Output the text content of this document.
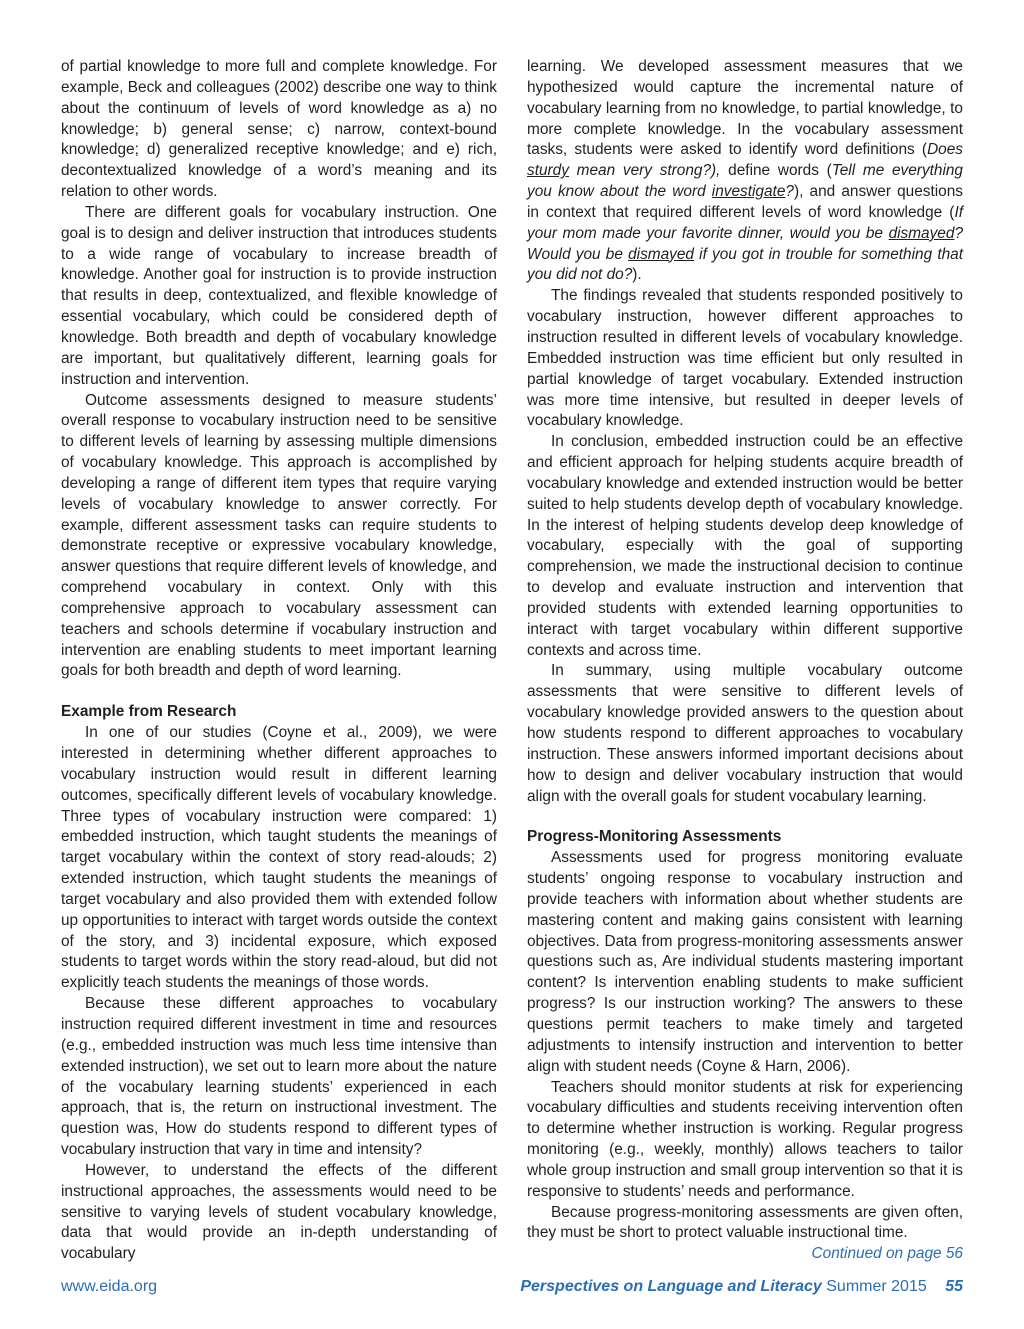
of partial knowledge to more full and complete knowledge. For example, Beck and colleagues (2002) describe one way to think about the continuum of levels of word knowledge as a) no knowledge; b) general sense; c) narrow, context-bound knowledge; d) generalized receptive knowledge; and e) rich, decontextualized knowledge of a word’s meaning and its relation to other words.

There are different goals for vocabulary instruction. One goal is to design and deliver instruction that introduces students to a wide range of vocabulary to increase breadth of knowledge. Another goal for instruction is to provide instruction that results in deep, contextualized, and flexible knowledge of essential vocabulary, which could be considered depth of knowledge. Both breadth and depth of vocabulary knowledge are important, but qualitatively different, learning goals for instruction and intervention.

Outcome assessments designed to measure students’ overall response to vocabulary instruction need to be sensitive to different levels of learning by assessing multiple dimensions of vocabulary knowledge. This approach is accomplished by developing a range of different item types that require varying levels of vocabulary knowledge to answer correctly. For example, different assessment tasks can require students to demonstrate receptive or expressive vocabulary knowledge, answer questions that require different levels of knowledge, and comprehend vocabulary in context. Only with this comprehensive approach to vocabulary assessment can teachers and schools determine if vocabulary instruction and intervention are enabling students to meet important learning goals for both breadth and depth of word learning.

Example from Research

In one of our studies (Coyne et al., 2009), we were interested in determining whether different approaches to vocabulary instruction would result in different learning outcomes, specifically different levels of vocabulary knowledge. Three types of vocabulary instruction were compared: 1) embedded instruction, which taught students the meanings of target vocabulary within the context of story read-alouds; 2) extended instruction, which taught students the meanings of target vocabulary and also provided them with extended follow up opportunities to interact with target words outside the context of the story, and 3) incidental exposure, which exposed students to target words within the story read-aloud, but did not explicitly teach students the meanings of those words.

Because these different approaches to vocabulary instruction required different investment in time and resources (e.g., embedded instruction was much less time intensive than extended instruction), we set out to learn more about the nature of the vocabulary learning students’ experienced in each approach, that is, the return on instructional investment. The question was, How do students respond to different types of vocabulary instruction that vary in time and intensity?

However, to understand the effects of the different instructional approaches, the assessments would need to be sensitive to varying levels of student vocabulary knowledge, data that would provide an in-depth understanding of vocabulary

learning. We developed assessment measures that we hypothesized would capture the incremental nature of vocabulary learning from no knowledge, to partial knowledge, to more complete knowledge. In the vocabulary assessment tasks, students were asked to identify word definitions (Does sturdy mean very strong?), define words (Tell me everything you know about the word investigate?), and answer questions in context that required different levels of word knowledge (If your mom made your favorite dinner, would you be dismayed? Would you be dismayed if you got in trouble for something that you did not do?).

The findings revealed that students responded positively to vocabulary instruction, however different approaches to instruction resulted in different levels of vocabulary knowledge. Embedded instruction was time efficient but only resulted in partial knowledge of target vocabulary. Extended instruction was more time intensive, but resulted in deeper levels of vocabulary knowledge.

In conclusion, embedded instruction could be an effective and efficient approach for helping students acquire breadth of vocabulary knowledge and extended instruction would be better suited to help students develop depth of vocabulary knowledge. In the interest of helping students develop deep knowledge of vocabulary, especially with the goal of supporting comprehension, we made the instructional decision to continue to develop and evaluate instruction and intervention that provided students with extended learning opportunities to interact with target vocabulary within different supportive contexts and across time.

In summary, using multiple vocabulary outcome assessments that were sensitive to different levels of vocabulary knowledge provided answers to the question about how students respond to different approaches to vocabulary instruction. These answers informed important decisions about how to design and deliver vocabulary instruction that would align with the overall goals for student vocabulary learning.

Progress-Monitoring Assessments

Assessments used for progress monitoring evaluate students’ ongoing response to vocabulary instruction and provide teachers with information about whether students are mastering content and making gains consistent with learning objectives. Data from progress-monitoring assessments answer questions such as, Are individual students mastering important content? Is intervention enabling students to make sufficient progress? Is our instruction working? The answers to these questions permit teachers to make timely and targeted adjustments to intensify instruction and intervention to better align with student needs (Coyne & Harn, 2006).

Teachers should monitor students at risk for experiencing vocabulary difficulties and students receiving intervention often to determine whether instruction is working. Regular progress monitoring (e.g., weekly, monthly) allows teachers to tailor whole group instruction and small group intervention so that it is responsive to students’ needs and performance.

Because progress-monitoring assessments are given often, they must be short to protect valuable instructional time.

Continued on page 56

www.eida.org	Perspectives on Language and Literacy Summer 2015 55
